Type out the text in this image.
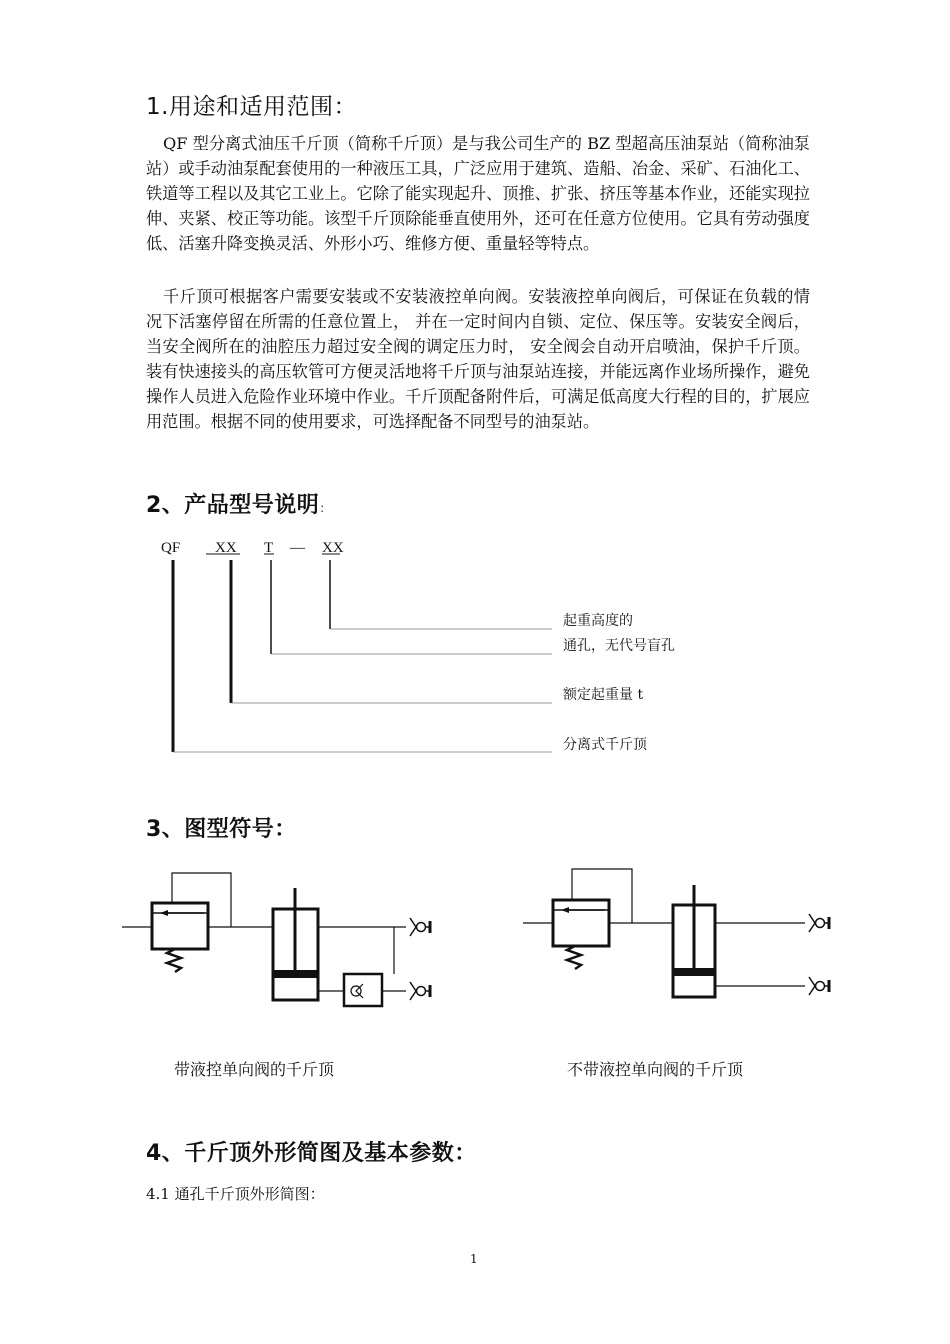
1.用途和适用范围：

QF 型分离式油压千斤顶（简称千斤顶）是与我公司生产的 BZ 型超高压油泵站（简称油泵站）或手动油泵配套使用的一种液压工具，广泛应用于建筑、造船、冶金、采矿、石油化工、铁道等工程以及其它工业上。它除了能实现起升、顶推、扩张、挤压等基本作业，还能实现拉伸、夹紧、校正等功能。该型千斤顶除能垂直使用外，还可在任意方位使用。它具有劳动强度低、活塞升降变换灵活、外形小巧、维修方便、重量轻等特点。

千斤顶可根据客户需要安装或不安装液控单向阀。安装液控单向阀后，可保证在负载的情况下活塞停留在所需的任意位置上， 并在一定时间内自锁、定位、保压等。安装安全阀后，当安全阀所在的油腔压力超过安全阀的调定压力时， 安全阀会自动开启喷油，保护千斤顶。装有快速接头的高压软管可方便灵活地将千斤顶与油泵站连接，并能远离作业场所操作，避免操作人员进入危险作业环境中作业。千斤顶配备附件后，可满足低高度大行程的目的，扩展应用范围。根据不同的使用要求，可选择配备不同型号的油泵站。

2、产品型号说明：
QF XX T — XX
起重高度的
通孔，无代号盲孔
额定起重量 t
分离式千斤顶
3、图型符号：
带液控单向阀的千斤顶	不带液控单向阀的千斤顶
4、千斤顶外形简图及基本参数：
4.1 通孔千斤顶外形简图：
1
